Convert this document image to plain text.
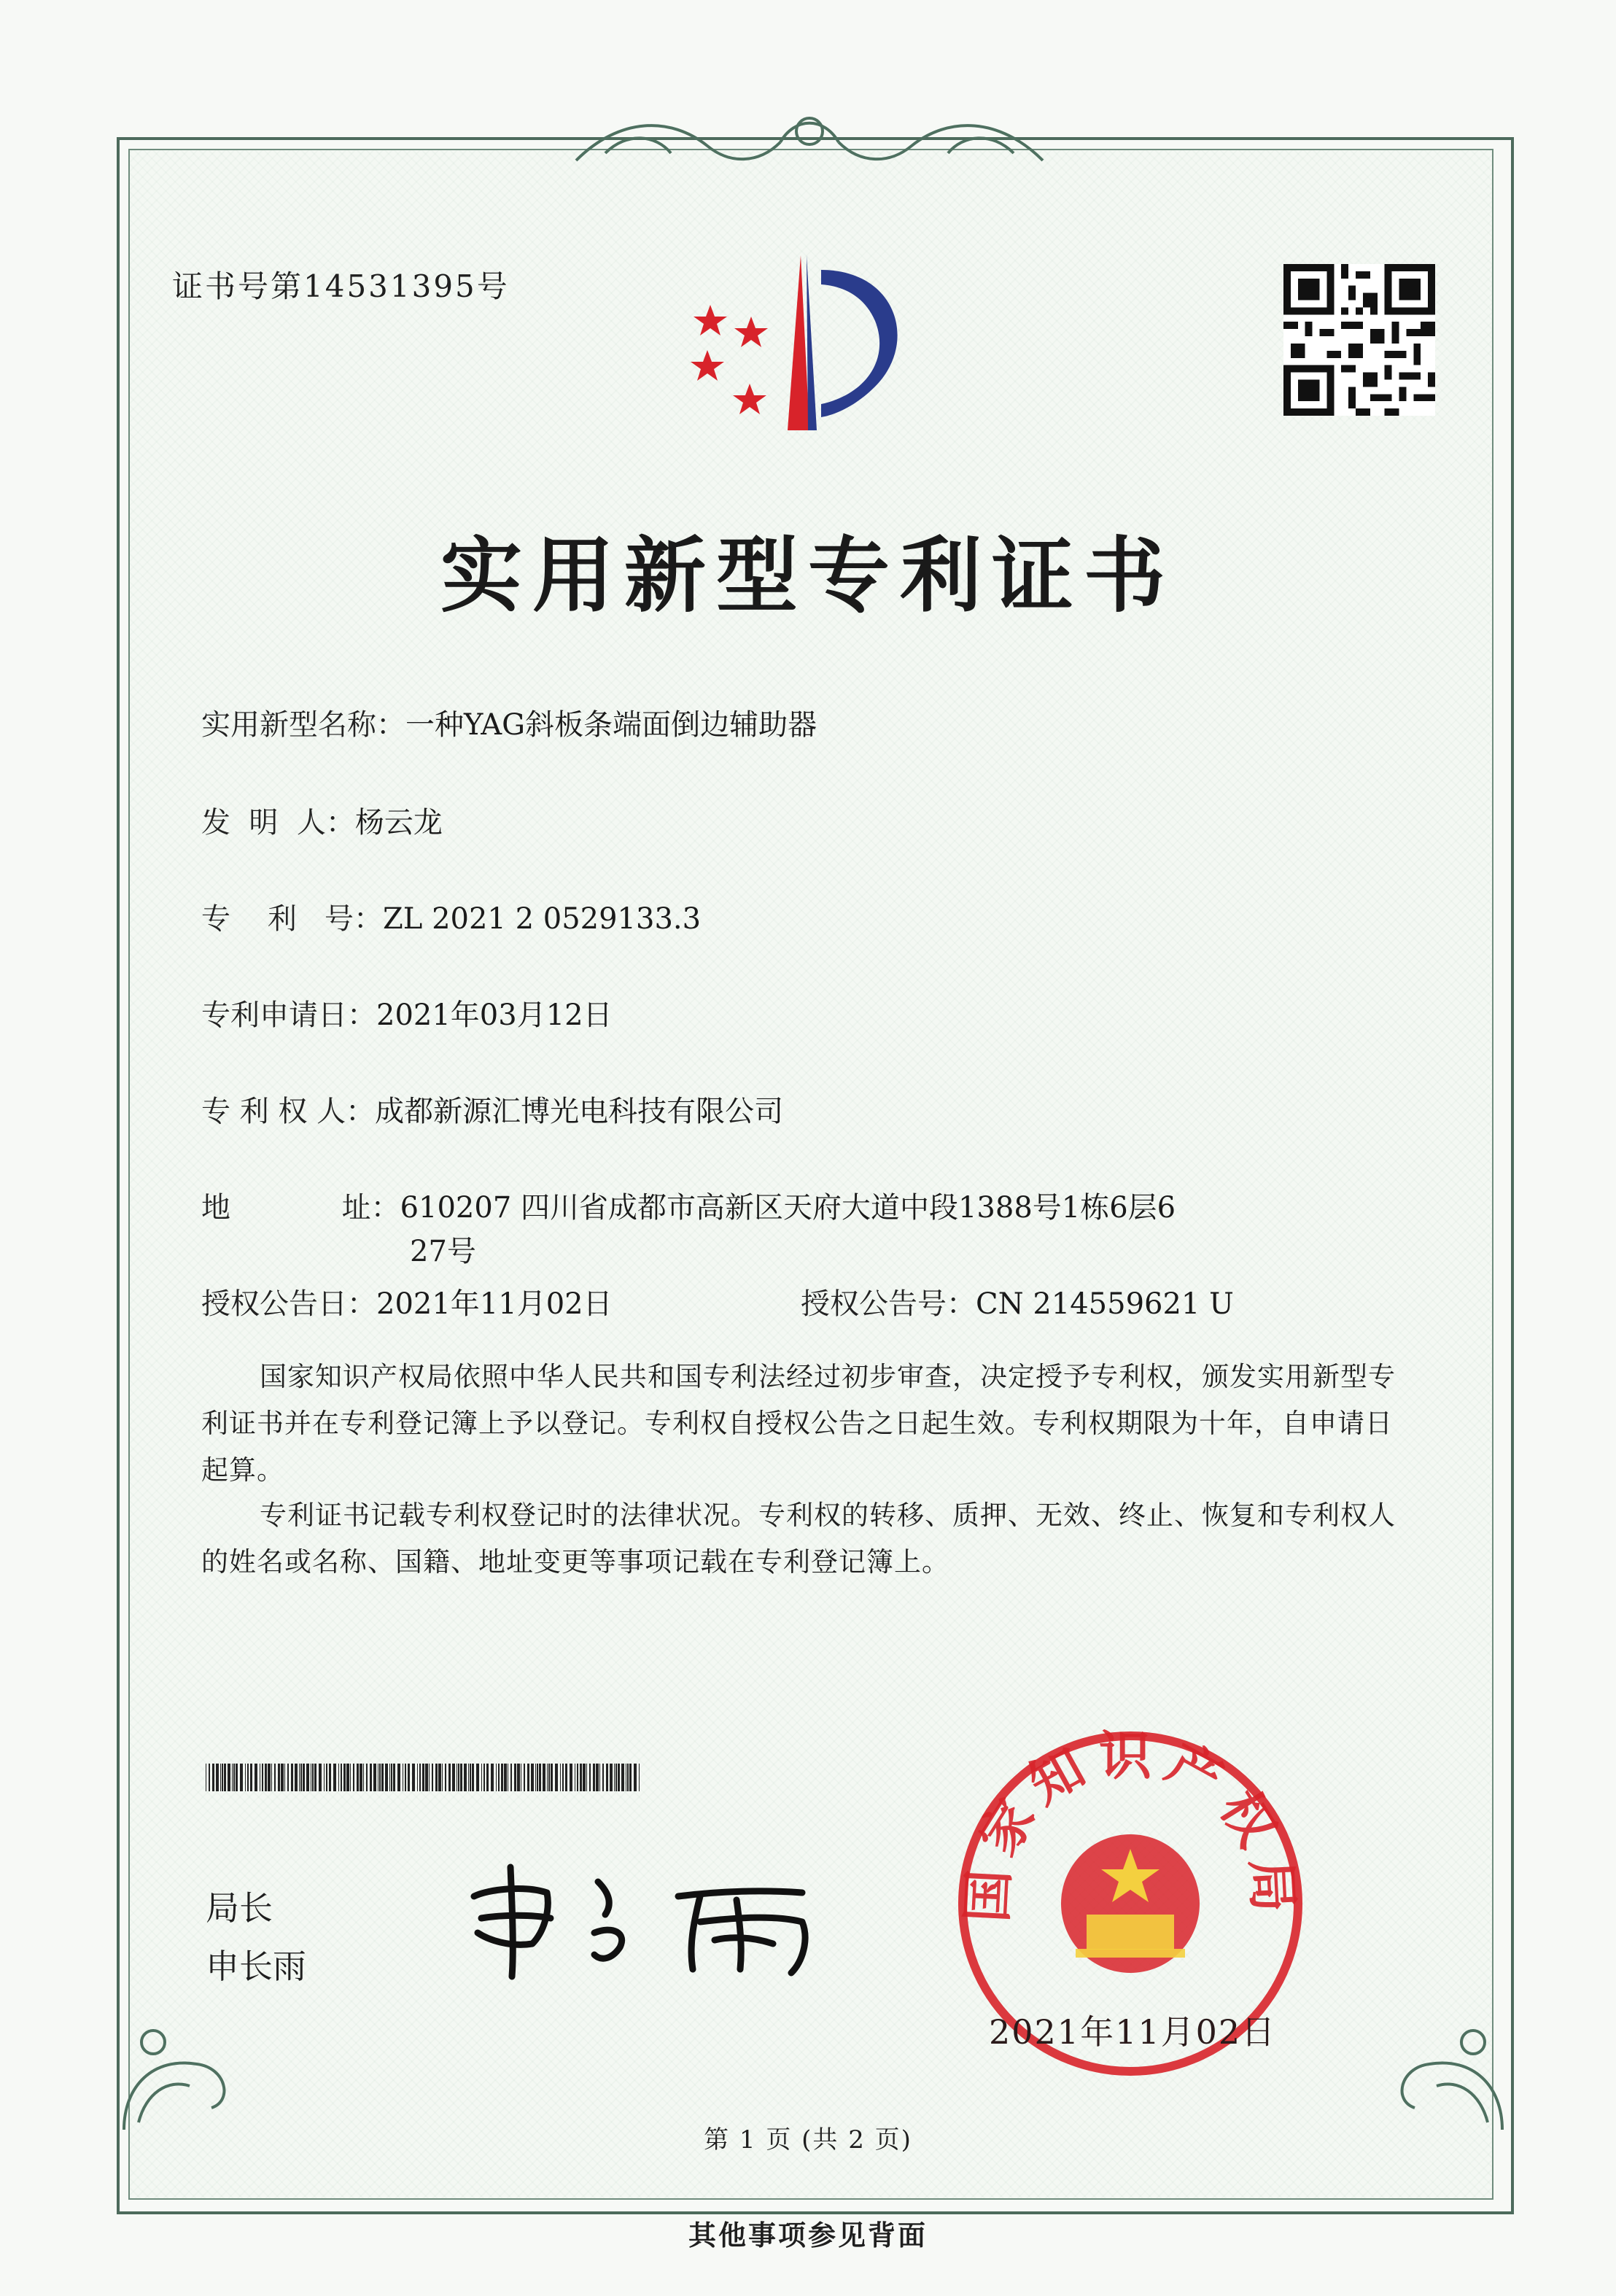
证书号第14531395号
实用新型专利证书
实用新型名称：一种YAG斜板条端面倒边辅助器
发  明  人：杨云龙
专    利   号：ZL 2021 2 0529133.3
专利申请日：2021年03月12日
专 利 权 人：成都新源汇博光电科技有限公司
地            址：610207 四川省成都市高新区天府大道中段1388号1栋6层6
27号
授权公告日：2021年11月02日	授权公告号：CN 214559621 U
国家知识产权局依照中华人民共和国专利法经过初步审查，决定授予专利权，颁发实用新型专利证书并在专利登记簿上予以登记。专利权自授权公告之日起生效。专利权期限为十年，自申请日起算。
专利证书记载专利权登记时的法律状况。专利权的转移、质押、无效、终止、恢复和专利权人的姓名或名称、国籍、地址变更等事项记载在专利登记簿上。
局长
申长雨
国家知识产权局
2021年11月02日
第 1 页 (共 2 页)
其他事项参见背面
